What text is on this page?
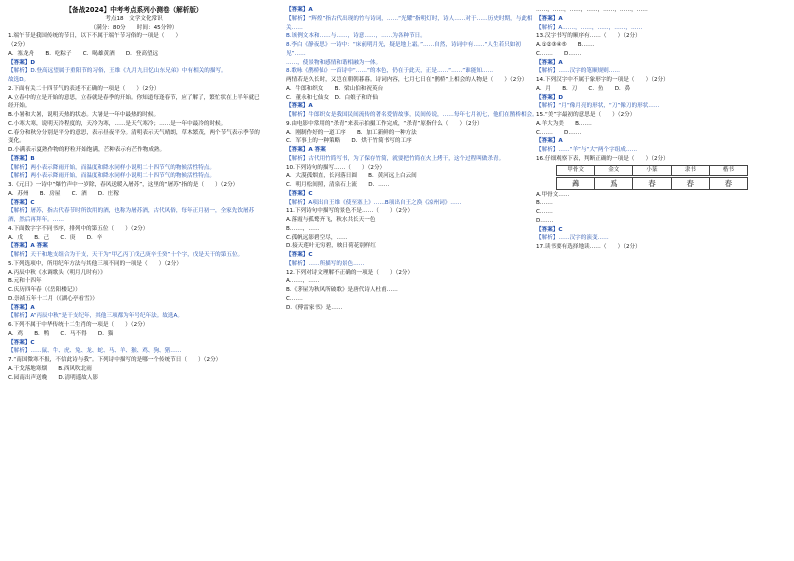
【备战2024】中考考点系列小测卷（解析版）

考点18　文学文化常识

（满分：80分　　时间：45分钟）

1.端午节是我国传统的节日，以下不属于端午节习俗的一项是（　　）

（2分）

A．塞龙舟　　B．吃粽子　　C．喝雄黄酒　　D．登高望远

【答案】D

【解析】D.登高远望属于重阳节的习俗，王维《九月九日忆山东兄弟》中有相关的描写。

故选D。

2.下面有关二十四节气的表述不正确的一项是（　　）（2分）

A.立春中的立是开始的意思，立春就是春季的开始。你知道每逢春节，应了解了，繁忙状在上半年就已经开始。

B.小暑和大暑，说明天热的状态。大暑是一年中最热的时候。

C.小寒大寒，说明天冷程度的，天冷为寒，……是天气寒冷；……是一年中最冷的时候。

C.春分和秋分分别是平分的意思，表示昼夜平分。清明表示天气晴朗，草木繁茂，两个节气表示季节的变化。

D.小满表示夏熟作物的籽粒开始饱满，芒种表示有芒作物成熟。

【答案】B

【解析】两小表示降雨开始，而温度和降水同样小说明二十四节气的物候活性特点。

【解析】两小表示降雨开始，而温度和降水同样小说明二十四节气的物候活性特点。

3.《元日》一诗中“爆竹声中一岁除，春风送暖入屠苏”，这里的“屠苏”指的是（　　）（2分）

A．苏州　　B．房屋　　C．酒　　D．庄稼

【答案】C

【解析】屠苏，指古代春节时所饮用的酒，也称为屠苏酒，古代风俗，每年正月初一，全家先饮屠苏酒，然后再拜年。……

4.下面数字字不同书序，排列中的第五位（　　）（2分）

A．戊　　B．己　　C．庚　　D．辛

【答案】A 答案

【解析】天干和地支组合为干支，天干为“甲乙丙丁戊己庚辛壬癸”十个字，戊是天干的第五位。

5.下列选项中，所用纪年方法与其他三项不同的一项是（　　）（2分）

A.丙辰中秋《水调歌头（明月几时有）》

B.元和十四年

C.庆历四年春（《岳阳楼记》）

D.崇祯五年十二月（《湖心亭看雪》）

【答案】A

【解析】A“丙辰中秋”是干支纪年，其他三项都为年号纪年法。故选A。

6.下列不属于中华传统十二生肖的一项是（　　）（2分）

A．鸡　　B．鸭　　C．马不得　　D．猫

【答案】C

【解析】……鼠、牛、虎、兔、龙、蛇、马、羊、猴、鸡、狗、猪……

7.“南国微寒不报，不信此诗与我”。下列诗中描写的是哪一个传统节日（　　）（2分）

A.干戈落地寒烟　　B.西风吹北雨

C.园南出声送晚　　D.清明遥故人影

【答案】A

【解析】“辉煌”指古代出现的竹与诗词，……“光耀”指明灯时，诗人……对于……历史时期，与此相关……

B.该例文本和……与……，诗意……，……为各种节日。

8.李白《静夜思》一诗中：“床前明月光，疑是地上霜。”……自然，诗词中有……“人生若只如初见”……

……，使景物和感情和谐相融为一体。

8.歌咏《鹊桥仙》一首诗中“……”的本色，仍在于此天，正是……“……”谁能知……

两情若是久长时，又岂在朝朝暮暮。诗词内容，七月七日在“鹊桥”上相会的人物是（　　）（2分）

A．牛郎和织女　　B．梁山伯和祝英台

C．董永和七仙女　D．白娘子和许仙

【答案】A

【解析】牛郎织女是我国民间流传的著名爱情故事，民间传说，……每年七月初七，他们在鹊桥相会。

9.由电影中常用的“杀青”来表示拍摄工作完成，“杀青”原指什么（　　）（2分）

A．刚制作好的一道工序　　B．加工新鲜的一种方法

C．军事上的一种策略　　D．烘干竹简书写的工序

【答案】A 答案

【解析】古代用竹简写书，为了保存竹简，就要把竹简在火上烤干，这个过程叫做杀青。

10.下列诗句的描写……（　　）（2分）

A．大漠孤烟直，长河落日圆　　B．黄河远上白云间

C．明月松间照，清泉石上流　　D．……

【答案】C

【解析】A项出自王维《使至塞上》……B项出自王之涣《凉州词》……

11.下列诗句中描写的景色不是……（　　）（2分）

A.落霞与孤鹜齐飞，秋水共长天一色

B.……，……

C.孤帆远影碧空尽，……

D.接天莲叶无穷碧，映日荷花别样红

【答案】C

【解析】……所描写的景色……

12.下列对诗文理解不正确的一项是（　　）（2分）

A.……，……

B.《茅屋为秋风所破歌》是唐代诗人杜甫……

C.……

D.《傅雷家书》是……

……，……，……，……，……，……，……

【答案】A

【解析】A.……，……，……，……，……

13.汉字书写的顺序有……（　　）（2分）

A.①②③④⑤　　B.……

C.……　　D.……

【答案】A

【解析】……汉字的笔顺规则……

14.下列汉字中不属于象形字的一项是（　　）（2分）

A．月　　B．刀　　C．鱼　　D．鼻

【答案】D

【解析】“月”像月亮的形状，“刀”像刀的形状……

15.“美”字最初的意思是（　　）（2分）

A.羊大为美　　B.……

C.……　　D.……

【答案】A

【解析】……“羊”与“大”两个字组成……

16.仔细观察下表，判断正确的一项是（　　）（2分）

甲骨文	金文	小篆	隶书	楷书
羴	𤔡	春	春	春

A.甲骨文……

B.……

C.……

D.……

【答案】C

【解析】……汉字的演变……

17.读书要有选择地读……（　　）（2分）
